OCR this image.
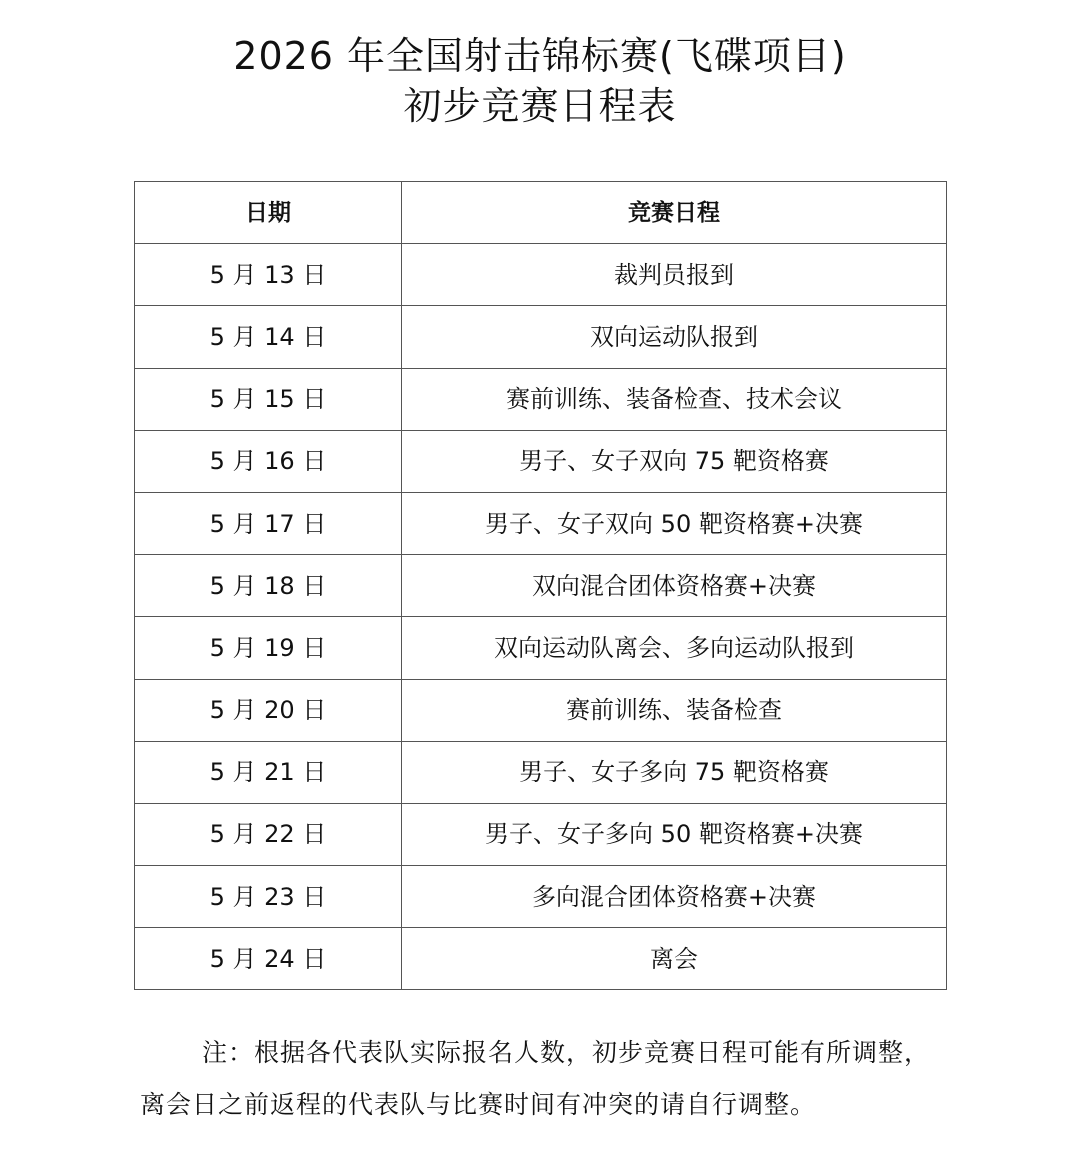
2026 年全国射击锦标赛(飞碟项目)
初步竞赛日程表
日期	竞赛日程
5 月 13 日	裁判员报到
5 月 14 日	双向运动队报到
5 月 15 日	赛前训练、装备检查、技术会议
5 月 16 日	男子、女子双向 75 靶资格赛
5 月 17 日	男子、女子双向 50 靶资格赛+决赛
5 月 18 日	双向混合团体资格赛+决赛
5 月 19 日	双向运动队离会、多向运动队报到
5 月 20 日	赛前训练、装备检查
5 月 21 日	男子、女子多向 75 靶资格赛
5 月 22 日	男子、女子多向 50 靶资格赛+决赛
5 月 23 日	多向混合团体资格赛+决赛
5 月 24 日	离会

注：根据各代表队实际报名人数，初步竞赛日程可能有所调整，离会日之前返程的代表队与比赛时间有冲突的请自行调整。
